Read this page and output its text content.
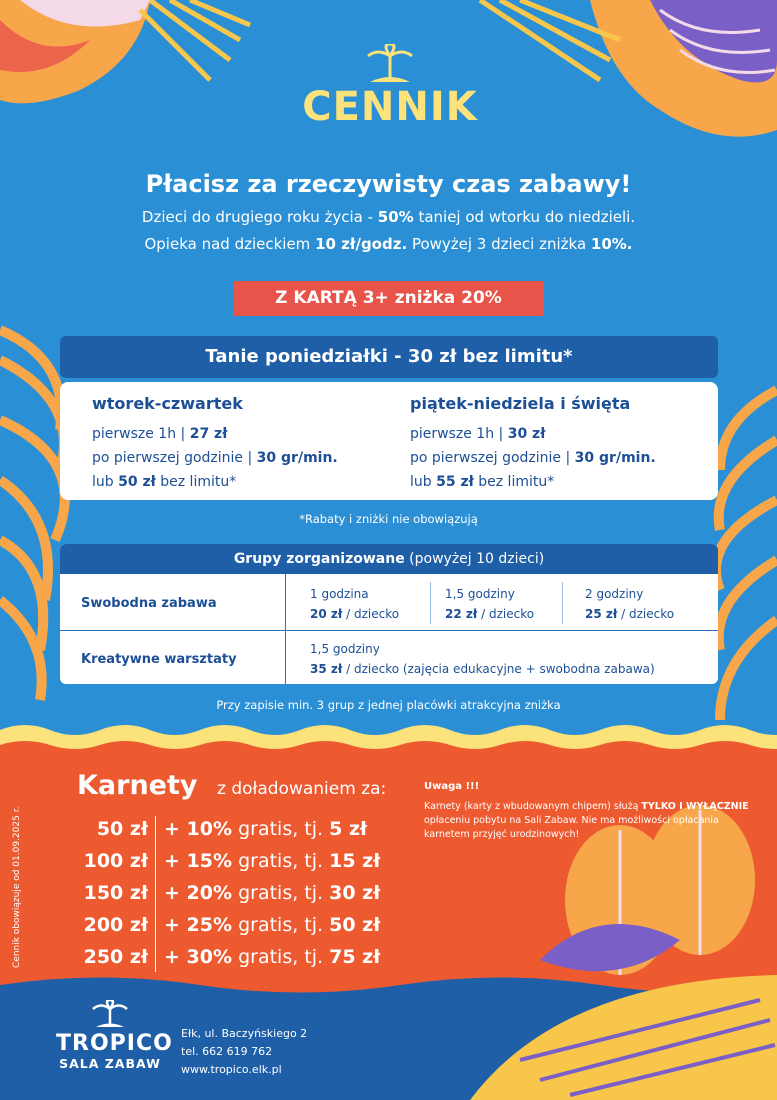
CENNIK
Płacisz za rzeczywisty czas zabawy!
Dzieci do drugiego roku życia - 50% taniej od wtorku do niedzieli.
Opieka nad dzieckiem 10 zł/godz. Powyżej 3 dzieci zniżka 10%.
Z KARTĄ 3+ zniżka 20%
Tanie poniedziałki - 30 zł bez limitu*
wtorek-czwartek
pierwsze 1h | 27 zł
po pierwszej godzinie | 30 gr/min.
lub 50 zł bez limitu*
piątek-niedziela i święta
pierwsze 1h | 30 zł
po pierwszej godzinie | 30 gr/min.
lub 55 zł bez limitu*
*Rabaty i zniżki nie obowiązują
Grupy zorganizowane (powyżej 10 dzieci)
Swobodna zabawa
1 godzina
20 zł / dziecko
1,5 godziny
22 zł / dziecko
2 godziny
25 zł / dziecko
Kreatywne warsztaty
1,5 godziny
35 zł / dziecko (zajęcia edukacyjne + swobodna zabawa)
Przy zapisie min. 3 grup z jednej placówki atrakcyjna zniżka
Karnety z doładowaniem za:
50 zł + 10% gratis, tj. 5 zł
100 zł + 15% gratis, tj. 15 zł
150 zł + 20% gratis, tj. 30 zł
200 zł + 25% gratis, tj. 50 zł
250 zł + 30% gratis, tj. 75 zł
Uwaga !!!
Karnety (karty z wbudowanym chipem) służą TYLKO I WYŁĄCZNIE opłaceniu pobytu na Sali Zabaw. Nie ma możliwości opłacania karnetem przyjęć urodzinowych!
Cennik obowiązuje od 01.09.2025 r.
TROPICO
SALA ZABAW
Ełk, ul. Baczyńskiego 2
tel. 662 619 762
www.tropico.elk.pl
